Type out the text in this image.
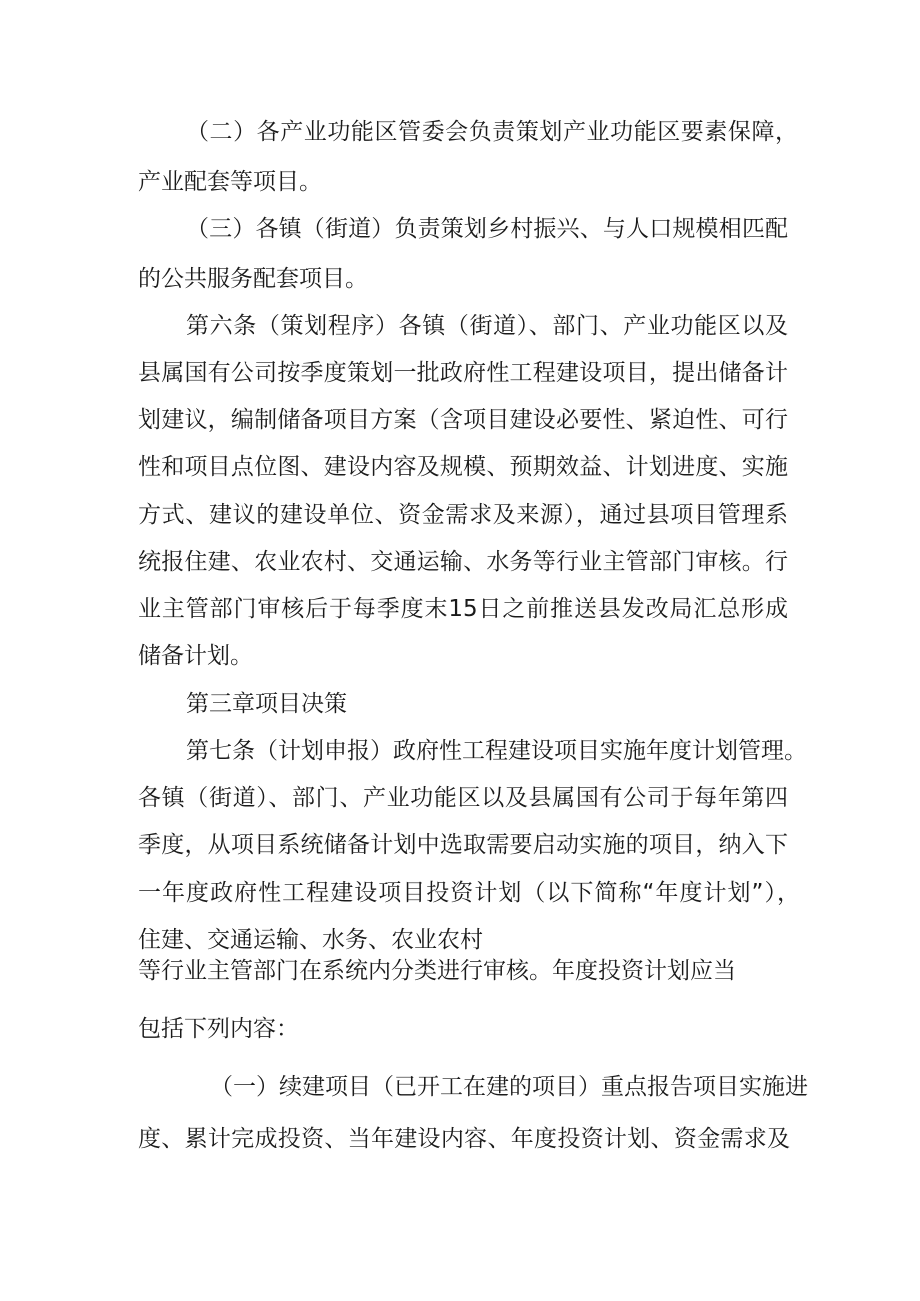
（二）各产业功能区管委会负责策划产业功能区要素保障，
产业配套等项目。
（三）各镇（街道）负责策划乡村振兴、与人口规模相匹配
的公共服务配套项目。
第六条（策划程序）各镇（街道）、部门、产业功能区以及
县属国有公司按季度策划一批政府性工程建设项目，提出储备计
划建议，编制储备项目方案（含项目建设必要性、紧迫性、可行
性和项目点位图、建设内容及规模、预期效益、计划进度、实施
方式、建议的建设单位、资金需求及来源），通过县项目管理系
统报住建、农业农村、交通运输、水务等行业主管部门审核。行
业主管部门审核后于每季度末15日之前推送县发改局汇总形成
储备计划。
第三章项目决策
第七条（计划申报）政府性工程建设项目实施年度计划管理。
各镇（街道）、部门、产业功能区以及县属国有公司于每年第四
季度，从项目系统储备计划中选取需要启动实施的项目，纳入下
一年度政府性工程建设项目投资计划（以下简称“年度计划”），
住建、交通运输、水务、农业农村
等行业主管部门在系统内分类进行审核。年度投资计划应当
包括下列内容：
（一）续建项目（已开工在建的项目）重点报告项目实施进
度、累计完成投资、当年建设内容、年度投资计划、资金需求及
